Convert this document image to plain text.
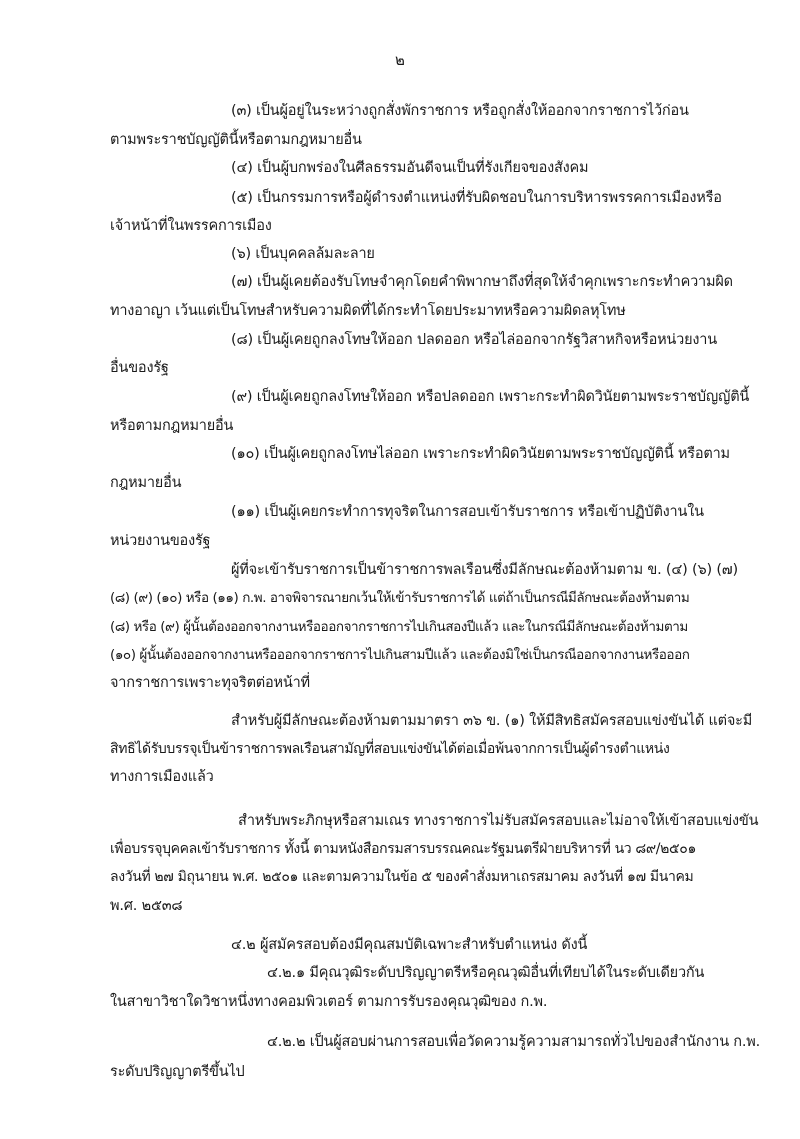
๒
(๓) เป็นผู้อยู่ในระหว่างถูกสั่งพักราชการ หรือถูกสั่งให้ออกจากราชการไว้ก่อน
ตามพระราชบัญญัตินี้หรือตามกฎหมายอื่น
(๔) เป็นผู้บกพร่องในศีลธรรมอันดีจนเป็นที่รังเกียจของสังคม
(๕) เป็นกรรมการหรือผู้ดำรงตำแหน่งที่รับผิดชอบในการบริหารพรรคการเมืองหรือ
เจ้าหน้าที่ในพรรคการเมือง
(๖) เป็นบุคคลล้มละลาย
(๗) เป็นผู้เคยต้องรับโทษจำคุกโดยคำพิพากษาถึงที่สุดให้จำคุกเพราะกระทำความผิด
ทางอาญา เว้นแต่เป็นโทษสำหรับความผิดที่ได้กระทำโดยประมาทหรือความผิดลหุโทษ
(๘) เป็นผู้เคยถูกลงโทษให้ออก ปลดออก หรือไล่ออกจากรัฐวิสาหกิจหรือหน่วยงาน
อื่นของรัฐ
(๙) เป็นผู้เคยถูกลงโทษให้ออก หรือปลดออก เพราะกระทำผิดวินัยตามพระราชบัญญัตินี้
หรือตามกฎหมายอื่น
(๑๐) เป็นผู้เคยถูกลงโทษไล่ออก เพราะกระทำผิดวินัยตามพระราชบัญญัตินี้ หรือตาม
กฎหมายอื่น
(๑๑) เป็นผู้เคยกระทำการทุจริตในการสอบเข้ารับราชการ หรือเข้าปฏิบัติงานใน
หน่วยงานของรัฐ
ผู้ที่จะเข้ารับราชการเป็นข้าราชการพลเรือนซึ่งมีลักษณะต้องห้ามตาม ข. (๔) (๖) (๗)
(๘) (๙) (๑๐) หรือ (๑๑) ก.พ. อาจพิจารณายกเว้นให้เข้ารับราชการได้ แต่ถ้าเป็นกรณีมีลักษณะต้องห้ามตาม
(๘) หรือ (๙) ผู้นั้นต้องออกจากงานหรือออกจากราชการไปเกินสองปีแล้ว และในกรณีมีลักษณะต้องห้ามตาม
(๑๐) ผู้นั้นต้องออกจากงานหรือออกจากราชการไปเกินสามปีแล้ว และต้องมิใช่เป็นกรณีออกจากงานหรือออก
จากราชการเพราะทุจริตต่อหน้าที่
สำหรับผู้มีลักษณะต้องห้ามตามมาตรา ๓๖ ข. (๑) ให้มีสิทธิสมัครสอบแข่งขันได้ แต่จะมี
สิทธิได้รับบรรจุเป็นข้าราชการพลเรือนสามัญที่สอบแข่งขันได้ต่อเมื่อพ้นจากการเป็นผู้ดำรงตำแหน่ง
ทางการเมืองแล้ว
สำหรับพระภิกษุหรือสามเณร ทางราชการไม่รับสมัครสอบและไม่อาจให้เข้าสอบแข่งขัน
เพื่อบรรจุบุคคลเข้ารับราชการ ทั้งนี้ ตามหนังสือกรมสารบรรณคณะรัฐมนตรีฝ่ายบริหารที่ นว ๘๙/๒๕๐๑
ลงวันที่ ๒๗ มิถุนายน พ.ศ. ๒๕๐๑ และตามความในข้อ ๕ ของคำสั่งมหาเถรสมาคม ลงวันที่ ๑๗ มีนาคม
พ.ศ. ๒๕๓๘
๔.๒ ผู้สมัครสอบต้องมีคุณสมบัติเฉพาะสำหรับตำแหน่ง ดังนี้
๔.๒.๑ มีคุณวุฒิระดับปริญญาตรีหรือคุณวุฒิอื่นที่เทียบได้ในระดับเดียวกัน
ในสาขาวิชาใดวิชาหนึ่งทางคอมพิวเตอร์ ตามการรับรองคุณวุฒิของ ก.พ.
๔.๒.๒ เป็นผู้สอบผ่านการสอบเพื่อวัดความรู้ความสามารถทั่วไปของสำนักงาน ก.พ.
ระดับปริญญาตรีขึ้นไป
